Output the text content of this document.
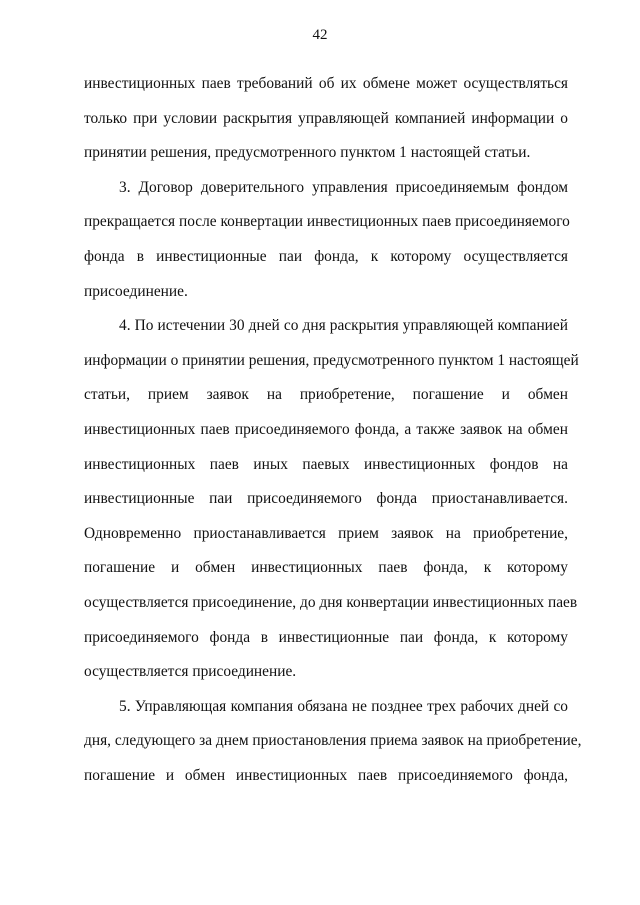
42
инвестиционных паев требований об их обмене может осуществляться
только при условии раскрытия управляющей компанией информации о
принятии решения, предусмотренного пунктом 1 настоящей статьи.
3. Договор доверительного управления присоединяемым фондом
прекращается после конвертации инвестиционных паев присоединяемого
фонда в инвестиционные паи фонда, к которому осуществляется
присоединение.
4. По истечении 30 дней со дня раскрытия управляющей компанией
информации о принятии решения, предусмотренного пунктом 1 настоящей
статьи, прием заявок на приобретение, погашение и обмен
инвестиционных паев присоединяемого фонда, а также заявок на обмен
инвестиционных паев иных паевых инвестиционных фондов на
инвестиционные паи присоединяемого фонда приостанавливается.
Одновременно приостанавливается прием заявок на приобретение,
погашение и обмен инвестиционных паев фонда, к которому
осуществляется присоединение, до дня конвертации инвестиционных паев
присоединяемого фонда в инвестиционные паи фонда, к которому
осуществляется присоединение.
5. Управляющая компания обязана не позднее трех рабочих дней со
дня, следующего за днем приостановления приема заявок на приобретение,
погашение и обмен инвестиционных паев присоединяемого фонда,
